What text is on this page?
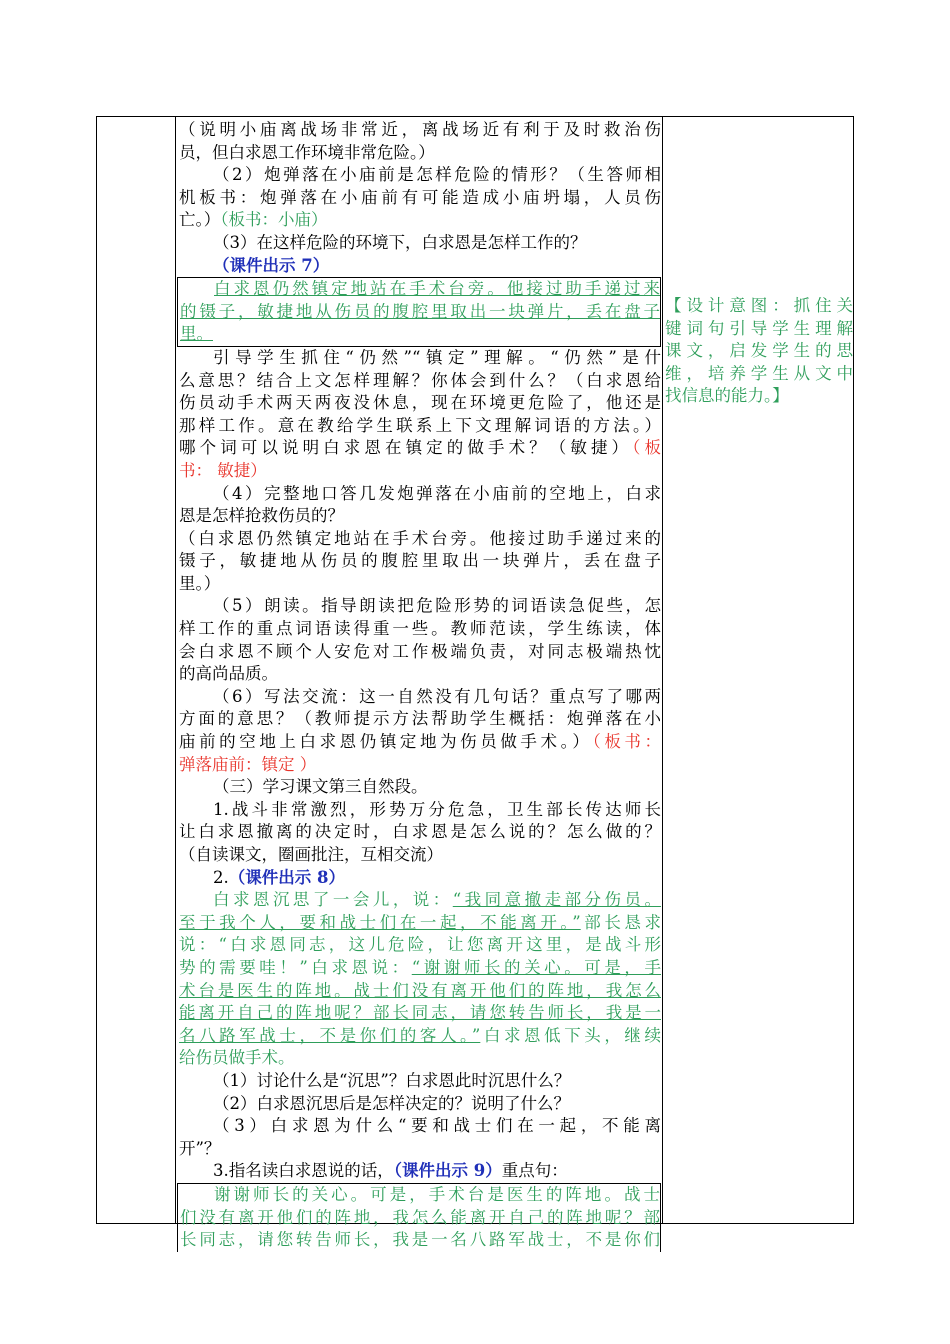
（说明小庙离战场非常近，离战场近有利于及时救治伤
员，但白求恩工作环境非常危险。）
（2）炮弹落在小庙前是怎样危险的情形？（生答师相
机板书：炮弹落在小庙前有可能造成小庙坍塌，人员伤
亡。）（板书：小庙）
（3）在这样危险的环境下，白求恩是怎样工作的？
（课件出示 7）
白求恩仍然镇定地站在手术台旁。他接过助手递过来
的镊子，敏捷地从伤员的腹腔里取出一块弹片，丢在盘子
里。
引导学生抓住“仍然”“镇定”理解。“仍然”是什
么意思？结合上文怎样理解？你体会到什么？（白求恩给
伤员动手术两天两夜没休息，现在环境更危险了，他还是
那样工作。意在教给学生联系上下文理解词语的方法。）
哪个词可以说明白求恩在镇定的做手术？（敏捷）（板
书： 敏捷）
（4）完整地口答几发炮弹落在小庙前的空地上，白求
恩是怎样抢救伤员的？
（白求恩仍然镇定地站在手术台旁。他接过助手递过来的
镊子，敏捷地从伤员的腹腔里取出一块弹片，丢在盘子
里。）
（5）朗读。指导朗读把危险形势的词语读急促些，怎
样工作的重点词语读得重一些。教师范读，学生练读，体
会白求恩不顾个人安危对工作极端负责，对同志极端热忱
的高尚品质。
（6）写法交流：这一自然没有几句话？重点写了哪两
方面的意思？（教师提示方法帮助学生概括：炮弹落在小
庙前的空地上白求恩仍镇定地为伤员做手术。）（板书：
弹落庙前：镇定 ）
（三）学习课文第三自然段。
1.战斗非常激烈，形势万分危急，卫生部长传达师长
让白求恩撤离的决定时，白求恩是怎么说的？怎么做的？
（自读课文，圈画批注，互相交流）
2.（课件出示 8）
白求恩沉思了一会儿，说：“我同意撤走部分伤员。
至于我个人，要和战士们在一起，不能离开。”部长恳求
说：“白求恩同志，这儿危险，让您离开这里，是战斗形
势的需要哇！”白求恩说：“谢谢师长的关心。可是，手
术台是医生的阵地。战士们没有离开他们的阵地，我怎么
能离开自己的阵地呢？部长同志，请您转告师长，我是一
名八路军战士，不是你们的客人。”白求恩低下头，继续
给伤员做手术。
（1）讨论什么是“沉思”？白求恩此时沉思什么？
（2）白求恩沉思后是怎样决定的？说明了什么？
（3）白求恩为什么“要和战士们在一起，不能离
开”？
3.指名读白求恩说的话，（课件出示 9）重点句：
谢谢师长的关心。可是，手术台是医生的阵地。战士
们没有离开他们的阵地，我怎么能离开自己的阵地呢？部
长同志，请您转告师长，我是一名八路军战士，不是你们
【设计意图：抓住关
键词句引导学生理解
课文，启发学生的思
维，培养学生从文中
找信息的能力。】
